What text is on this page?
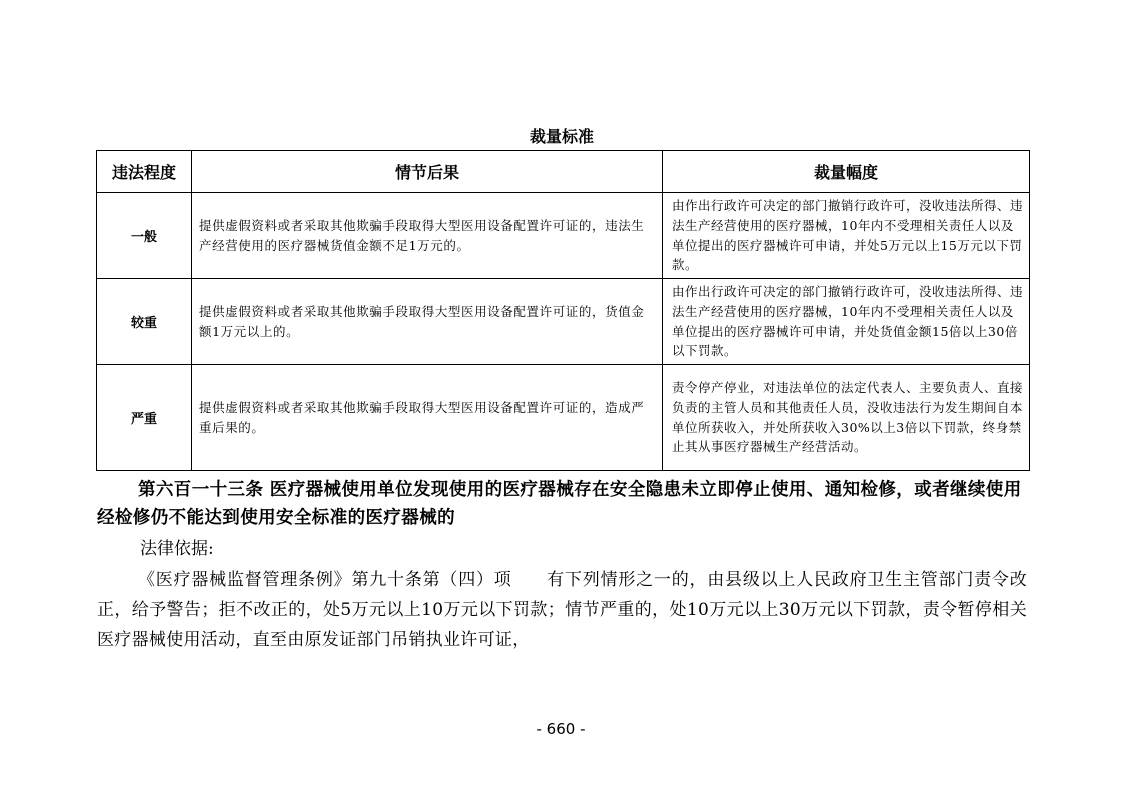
裁量标准
违法程度	情节后果	裁量幅度
一般	提供虚假资料或者采取其他欺骗手段取得大型医用设备配置许可证的，违法生产经营使用的医疗器械货值金额不足1万元的。	由作出行政许可决定的部门撤销行政许可，没收违法所得、违法生产经营使用的医疗器械，10年内不受理相关责任人以及单位提出的医疗器械许可申请，并处5万元以上15万元以下罚款。
较重	提供虚假资料或者采取其他欺骗手段取得大型医用设备配置许可证的，货值金额1万元以上的。	由作出行政许可决定的部门撤销行政许可，没收违法所得、违法生产经营使用的医疗器械，10年内不受理相关责任人以及单位提出的医疗器械许可申请，并处货值金额15倍以上30倍以下罚款。
严重	提供虚假资料或者采取其他欺骗手段取得大型医用设备配置许可证的，造成严重后果的。	责令停产停业，对违法单位的法定代表人、主要负责人、直接负责的主管人员和其他责任人员，没收违法行为发生期间自本单位所获收入，并处所获收入30%以上3倍以下罚款，终身禁止其从事医疗器械生产经营活动。
第六百一十三条 医疗器械使用单位发现使用的医疗器械存在安全隐患未立即停止使用、通知检修，或者继续使用经检修仍不能达到使用安全标准的医疗器械的
法律依据:
《医疗器械监督管理条例》第九十条第（四）项　　有下列情形之一的，由县级以上人民政府卫生主管部门责令改正，给予警告；拒不改正的，处5万元以上10万元以下罚款；情节严重的，处10万元以上30万元以下罚款，责令暂停相关医疗器械使用活动，直至由原发证部门吊销执业许可证，
- 660 -
